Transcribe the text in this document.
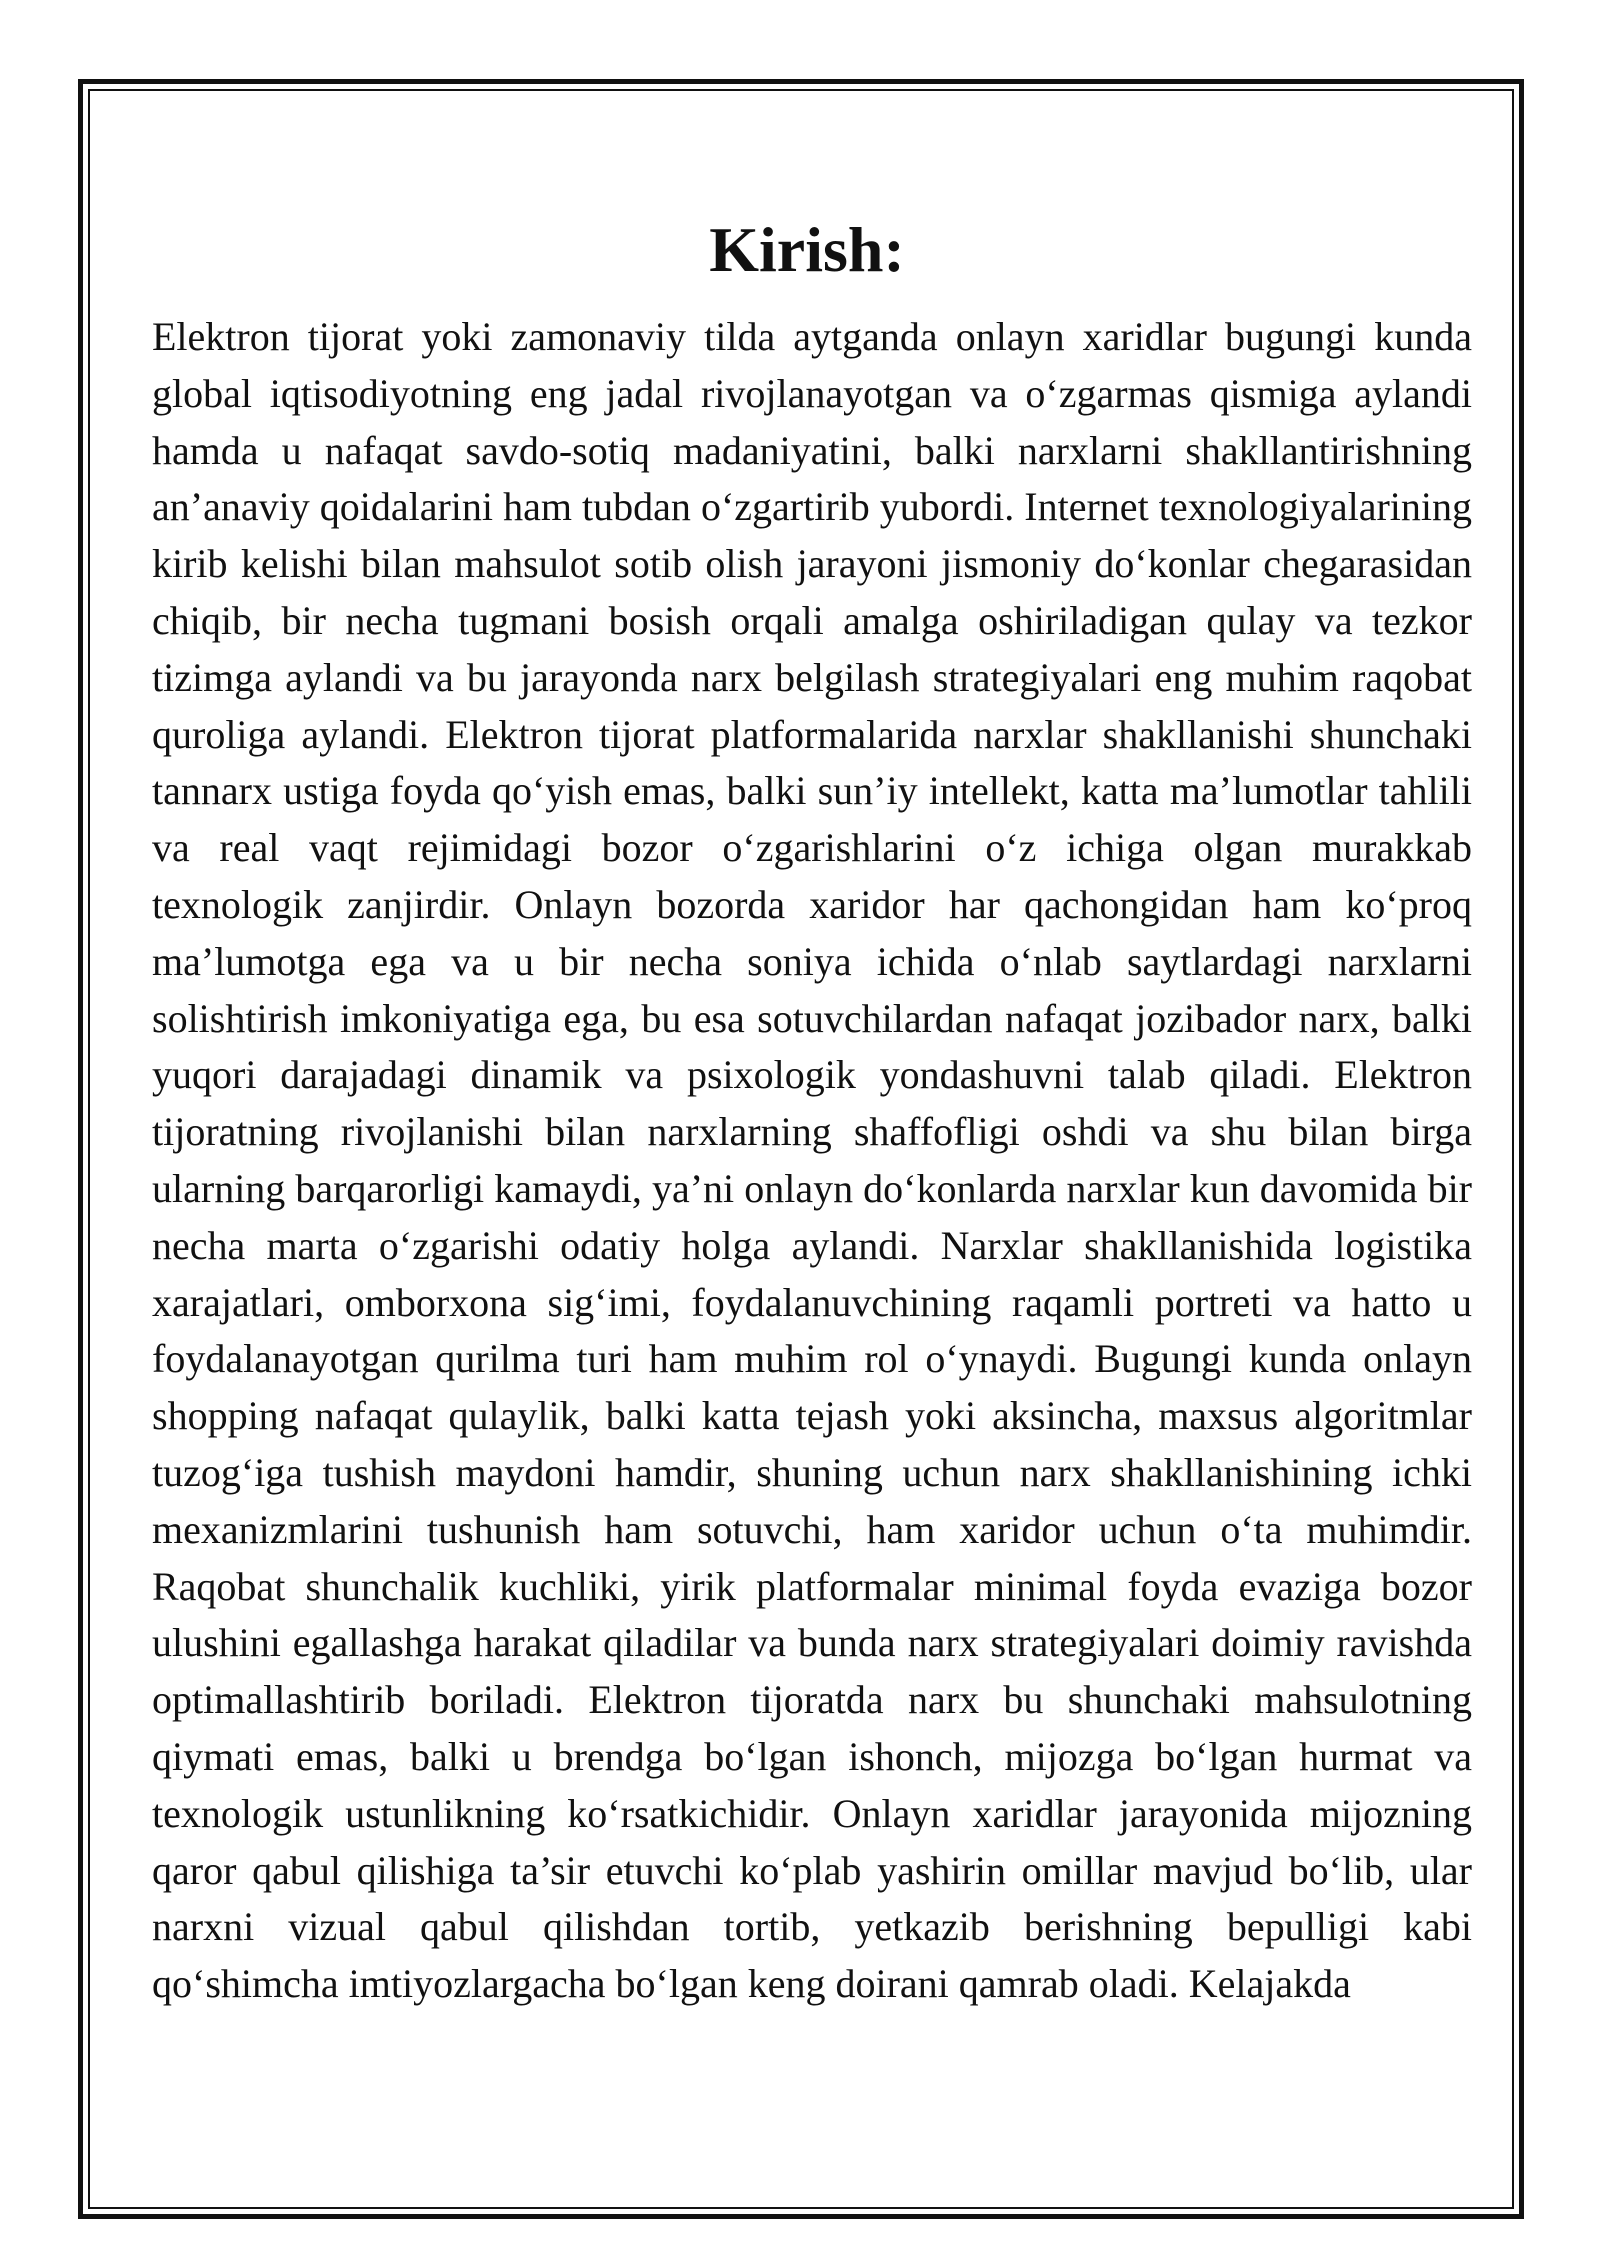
Kirish:

Elektron tijorat yoki zamonaviy tilda aytganda onlayn xaridlar bugungi kunda global iqtisodiyotning eng jadal rivojlanayotgan va o‘zgarmas qismiga aylandi hamda u nafaqat savdo-sotiq madaniyatini, balki narxlarni shakllantirishning an’anaviy qoidalarini ham tubdan o‘zgartirib yubordi. Internet texnologiyalarining kirib kelishi bilan mahsulot sotib olish jarayoni jismoniy do‘konlar chegarasidan chiqib, bir necha tugmani bosish orqali amalga oshiriladigan qulay va tezkor tizimga aylandi va bu jarayonda narx belgilash strategiyalari eng muhim raqobat quroliga aylandi. Elektron tijorat platformalarida narxlar shakllanishi shunchaki tannarx ustiga foyda qo‘yish emas, balki sun’iy intellekt, katta ma’lumotlar tahlili va real vaqt rejimidagi bozor o‘zgarishlarini o‘z ichiga olgan murakkab texnologik zanjirdir. Onlayn bozorda xaridor har qachongidan ham ko‘proq ma’lumotga ega va u bir necha soniya ichida o‘nlab saytlardagi narxlarni solishtirish imkoniyatiga ega, bu esa sotuvchilardan nafaqat jozibador narx, balki yuqori darajadagi dinamik va psixologik yondashuvni talab qiladi. Elektron tijoratning rivojlanishi bilan narxlarning shaffofligi oshdi va shu bilan birga ularning barqarorligi kamaydi, ya’ni onlayn do‘konlarda narxlar kun davomida bir necha marta o‘zgarishi odatiy holga aylandi. Narxlar shakllanishida logistika xarajatlari, omborxona sig‘imi, foydalanuvchining raqamli portreti va hatto u foydalanayotgan qurilma turi ham muhim rol o‘ynaydi. Bugungi kunda onlayn shopping nafaqat qulaylik, balki katta tejash yoki aksincha, maxsus algoritmlar tuzog‘iga tushish maydoni hamdir, shuning uchun narx shakllanishining ichki mexanizmlarini tushunish ham sotuvchi, ham xaridor uchun o‘ta muhimdir. Raqobat shunchalik kuchliki, yirik platformalar minimal foyda evaziga bozor ulushini egallashga harakat qiladilar va bunda narx strategiyalari doimiy ravishda optimallashtirib boriladi. Elektron tijoratda narx bu shunchaki mahsulotning qiymati emas, balki u brendga bo‘lgan ishonch, mijozga bo‘lgan hurmat va texnologik ustunlikning ko‘rsatkichidir. Onlayn xaridlar jarayonida mijozning qaror qabul qilishiga ta’sir etuvchi ko‘plab yashirin omillar mavjud bo‘lib, ular narxni vizual qabul qilishdan tortib, yetkazib berishning bepulligi kabi qo‘shimcha imtiyozlargacha bo‘lgan keng doirani qamrab oladi. Kelajakda
